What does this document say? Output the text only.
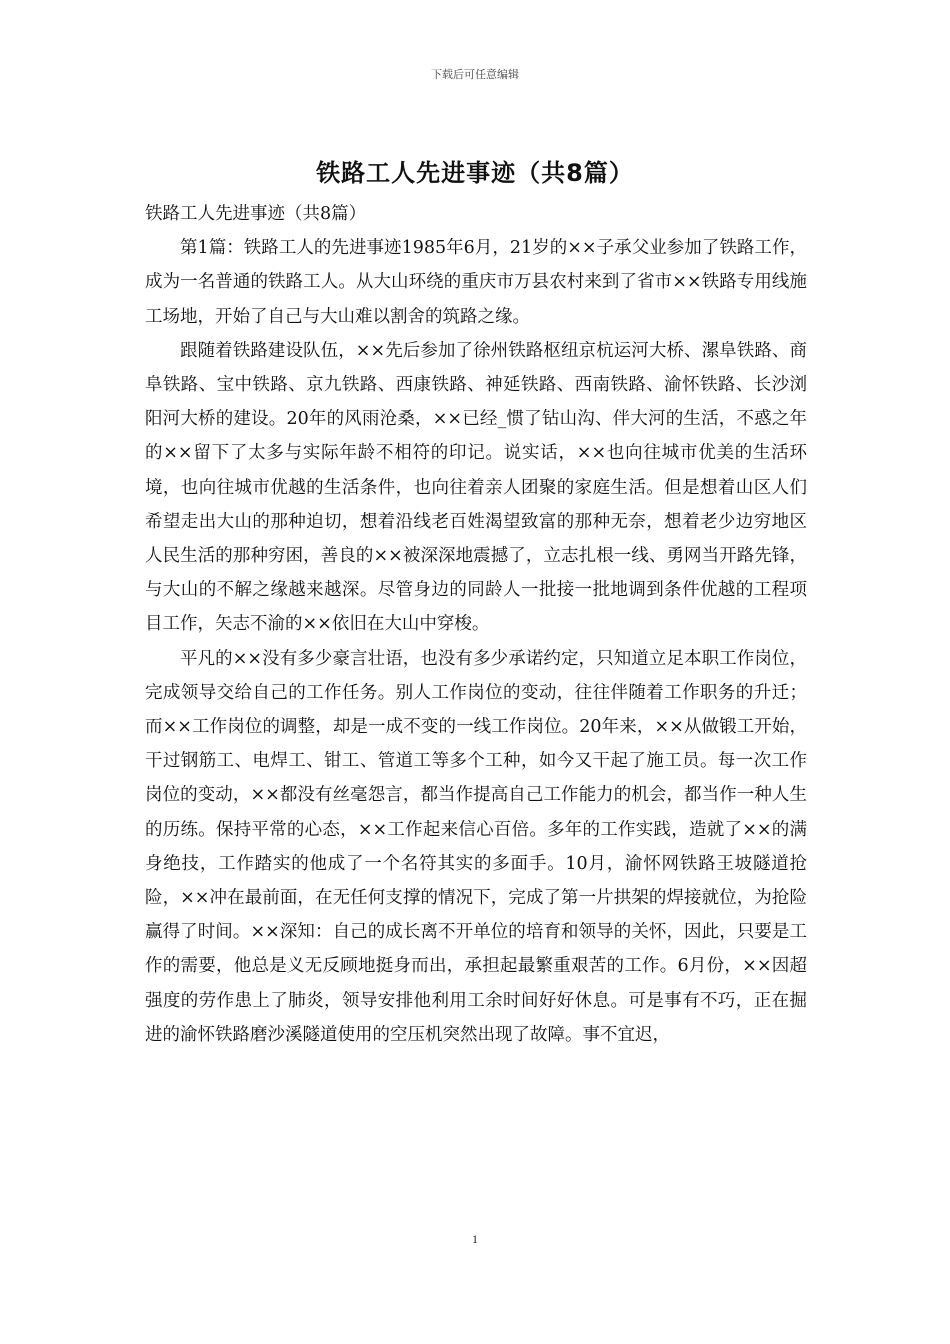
下载后可任意编辑
铁路工人先进事迹（共8篇）

铁路工人先进事迹（共8篇）

第1篇：铁路工人的先进事迹1985年6月，21岁的××子承父业参加了铁路工作，成为一名普通的铁路工人。从大山环绕的重庆市万县农村来到了省市××铁路专用线施工场地，开始了自己与大山难以割舍的筑路之缘。

跟随着铁路建设队伍，××先后参加了徐州铁路枢纽京杭运河大桥、漯阜铁路、商阜铁路、宝中铁路、京九铁路、西康铁路、神延铁路、西南铁路、渝怀铁路、长沙浏阳河大桥的建设。20年的风雨沧桑，××已经_惯了钻山沟、伴大河的生活，不惑之年的××留下了太多与实际年龄不相符的印记。说实话，××也向往城市优美的生活环境，也向往城市优越的生活条件，也向往着亲人团聚的家庭生活。但是想着山区人们希望走出大山的那种迫切，想着沿线老百姓渴望致富的那种无奈，想着老少边穷地区人民生活的那种穷困，善良的××被深深地震撼了，立志扎根一线、勇网当开路先锋，与大山的不解之缘越来越深。尽管身边的同龄人一批接一批地调到条件优越的工程项目工作，矢志不渝的××依旧在大山中穿梭。

平凡的××没有多少豪言壮语，也没有多少承诺约定，只知道立足本职工作岗位，完成领导交给自己的工作任务。别人工作岗位的变动，往往伴随着工作职务的升迁；而××工作岗位的调整，却是一成不变的一线工作岗位。20年来，××从做锻工开始，干过钢筋工、电焊工、钳工、管道工等多个工种，如今又干起了施工员。每一次工作岗位的变动，××都没有丝毫怨言，都当作提高自己工作能力的机会，都当作一种人生的历练。保持平常的心态，××工作起来信心百倍。多年的工作实践，造就了××的满身绝技，工作踏实的他成了一个名符其实的多面手。10月，渝怀网铁路王坡隧道抢险，××冲在最前面，在无任何支撑的情况下，完成了第一片拱架的焊接就位，为抢险赢得了时间。××深知：自己的成长离不开单位的培育和领导的关怀，因此，只要是工作的需要，他总是义无反顾地挺身而出，承担起最繁重艰苦的工作。6月份，××因超强度的劳作患上了肺炎，领导安排他利用工余时间好好休息。可是事有不巧，正在掘进的渝怀铁路磨沙溪隧道使用的空压机突然出现了故障。事不宜迟，

1
